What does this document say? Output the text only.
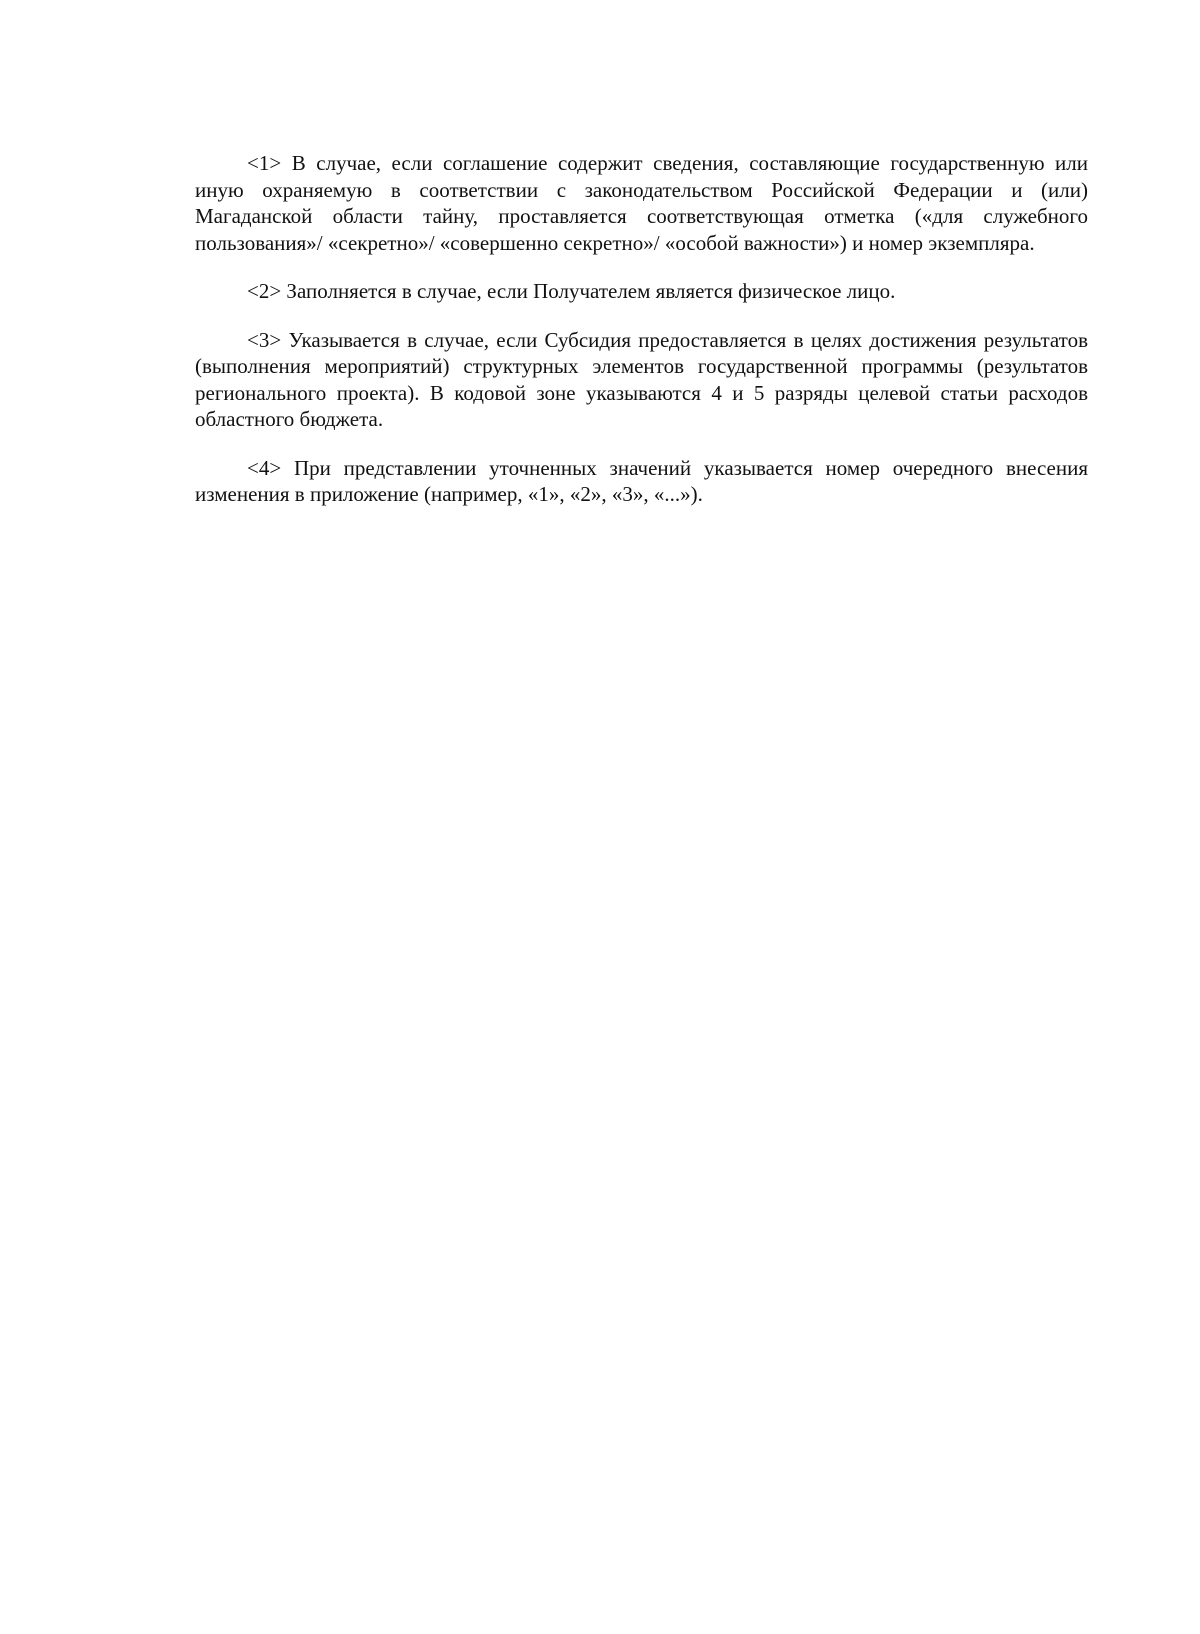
<1> В случае, если соглашение содержит сведения, составляющие государственную или иную охраняемую в соответствии с законодательством Российской Федерации и (или) Магаданской области тайну, проставляется соответствующая отметка («для служебного пользования»/ «секретно»/ «совершенно секретно»/ «особой важности») и номер экземпляра.

<2> Заполняется в случае, если Получателем является физическое лицо.

<3> Указывается в случае, если Субсидия предоставляется в целях достижения результатов (выполнения мероприятий) структурных элементов государственной программы (результатов регионального проекта). В кодовой зоне указываются 4 и 5 разряды целевой статьи расходов областного бюджета.

<4> При представлении уточненных значений указывается номер очередного внесения изменения в приложение (например, «1», «2», «3», «...»).
